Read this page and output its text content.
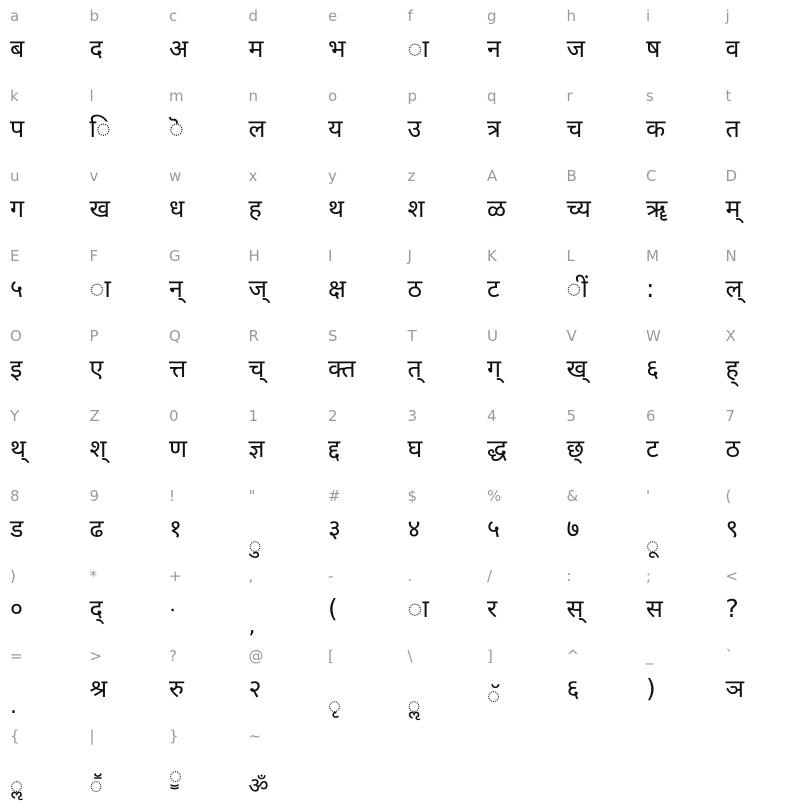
a
ब
b
द
c
अ
d
म
e
भ
f
ा
g
न
h
ज
i
ष
j
व
k
प
l
ि
m
ॆ
n
ल
o
य
p
उ
q
त्र
r
च
s
क
t
त
u
ग
v
ख
w
ध
x
ह
y
थ
z
श
A
ळ
B
च्य
C
ॠ
D
म्
E
५
F
ा
G
न्
H
ज्
I
क्ष
J
ठ
K
ट
L
ीं
M
:
N
ल्
O
इ
P
ए
Q
त्त
R
च्
S
क्त
T
त्
U
ग्
V
ख्
W
६
X
ह्
Y
थ्
Z
श्
0
ण
1
ज्ञ
2
द्द
3
घ
4
द्ध
5
छ्
6
ट
7
ठ
8
ड
9
ढ
!
१
"
ु
#
३
$
४
%
५
&
७
'
ू
(
९
)
०
*
द्
+
ॱ
,
,
-
(
.
ा
/
र
:
स्
;
स
<
?
=
.
>
श्र
?
रु
@
२
[
ृ
\
ॢ
]
ॅ
^
६
_
)
`
ञ
{
ॢ
|
ॕ
}
ॗ
~
ॐ
